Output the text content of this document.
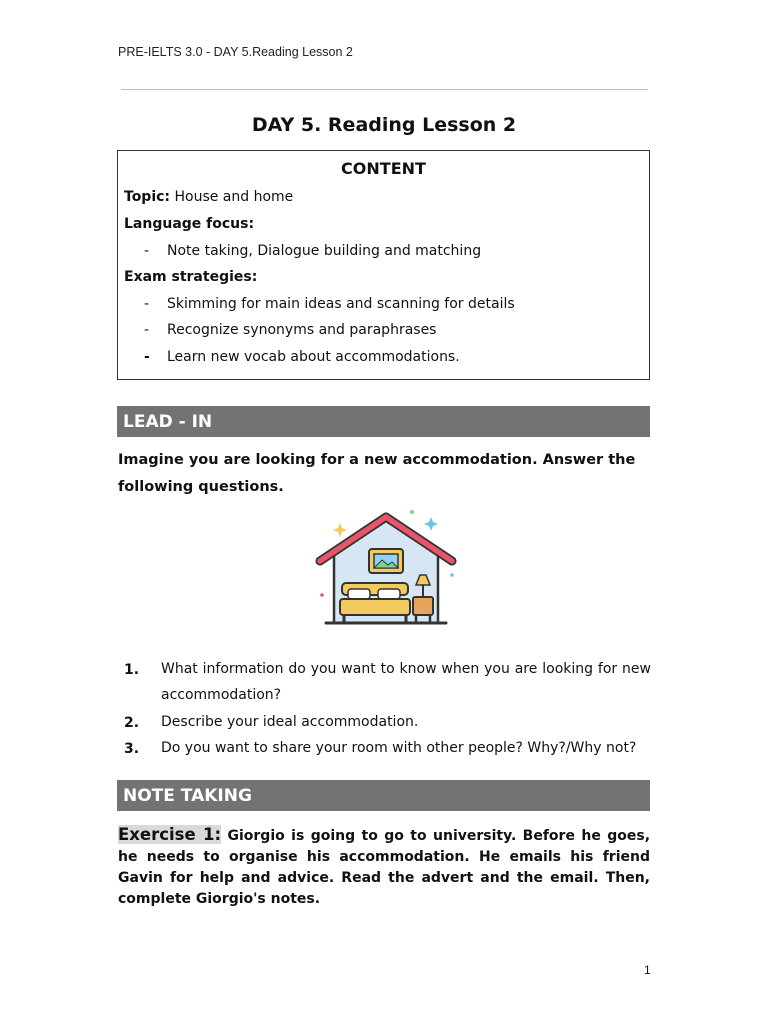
PRE-IELTS 3.0 - DAY 5.Reading Lesson 2
DAY 5. Reading Lesson 2
CONTENT
Topic: House and home
Language focus:
- Note taking, Dialogue building and matching
Exam strategies:
- Skimming for main ideas and scanning for details
- Recognize synonyms and paraphrases
- Learn new vocab about accommodations.
LEAD - IN
Imagine you are looking for a new accommodation. Answer the
following questions.
1. What information do you want to know when you are looking for new accommodation?
2. Describe your ideal accommodation.
3. Do you want to share your room with other people? Why?/Why not?
NOTE TAKING
Exercise 1: Giorgio is going to go to university. Before he goes, he needs to organise his accommodation. He emails his friend Gavin for help and advice. Read the advert and the email. Then, complete Giorgio's notes.
1
